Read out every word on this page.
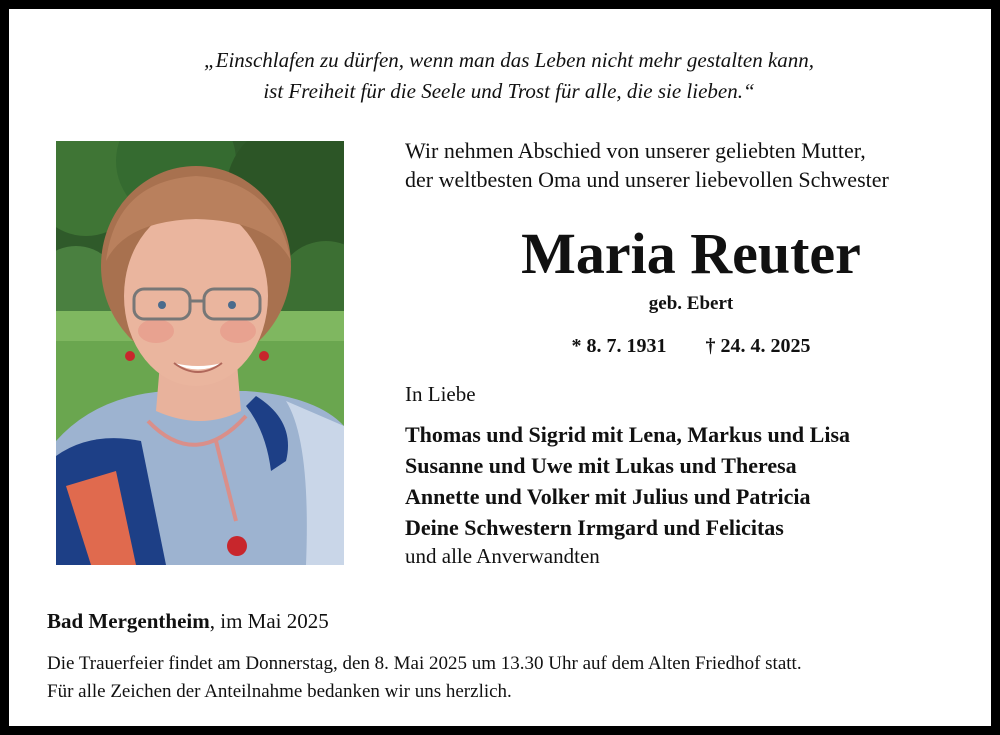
„Einschlafen zu dürfen, wenn man das Leben nicht mehr gestalten kann,
ist Freiheit für die Seele und Trost für alle, die sie lieben.“
Wir nehmen Abschied von unserer geliebten Mutter,
der weltbesten Oma und unserer liebevollen Schwester
Maria Reuter
geb. Ebert
* 8. 7. 1931 † 24. 4. 2025
In Liebe
Thomas und Sigrid mit Lena, Markus und Lisa
Susanne und Uwe mit Lukas und Theresa
Annette und Volker mit Julius und Patricia
Deine Schwestern Irmgard und Felicitas
und alle Anverwandten
Bad Mergentheim, im Mai 2025
Die Trauerfeier findet am Donnerstag, den 8. Mai 2025 um 13.30 Uhr auf dem Alten Friedhof statt.
Für alle Zeichen der Anteilnahme bedanken wir uns herzlich.
